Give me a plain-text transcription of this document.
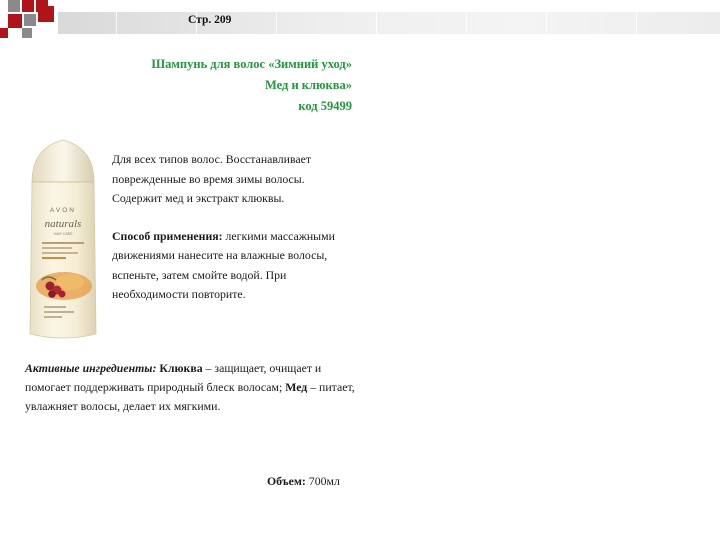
Стр. 209
Шампунь для волос «Зимний уход»
Мед и клюква»
код 59499
AVON
naturals
HAIR CARE

Для всех типов волос. Восстанавливает поврежденные во время зимы волосы. Содержит мед и экстракт клюквы.

Способ применения: легкими массажными движениями нанесите на влажные волосы, вспеньте, затем смойте водой. При необходимости повторите.

Активные ингредиенты: Клюква – защищает, очищает и помогает поддерживать природный блеск волосам; Мед – питает, увлажняет волосы, делает их мягкими.
Объем: 700мл
